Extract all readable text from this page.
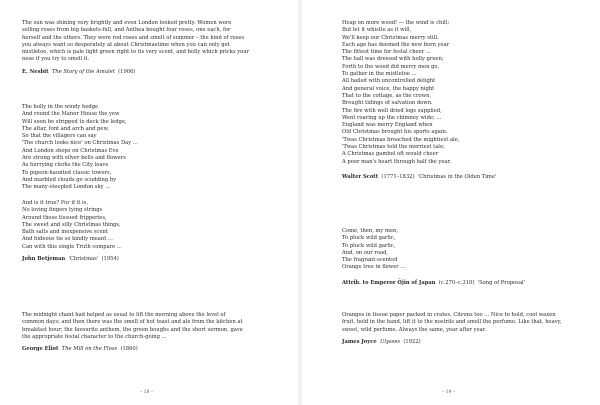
The sun was shining very brightly and even London looked pretty. Women were
selling roses from big baskets-full, and Anthea bought four roses, one each, for
herself and the others. They were red roses and smelt of summer – the kind of roses
you always want so desperately at about Christmastime when you can only get
mistletoe, which is pale light green right to its very scent, and holly which pricks your
nose if you try to smell it.
E. Nesbit The Story of the Amulet (1906)
The holly in the windy hedge
And round the Manor House the yew
Will soon be stripped to deck the ledge,
The altar, font and arch and pew,
So that the villagers can say
'The church looks nice' on Christmas Day ...
And London shops on Christmas Eve
Are strung with silver bells and flowers
As hurrying clerks the City leave
To pigeon-haunted classic towers,
And marbled clouds go scudding by
The many-steepled London sky ...
And is it true? For if it is,
No loving fingers tying strings
Around those tissued fripperies,
The sweet and silly Christmas things,
Bath salts and inexpensive scent
And hideous tie so kindly meant ...
Can with this single Truth compare ...
John Betjeman 'Christmas' (1954)
The midnight chant had helped as usual to lift the morning above the level of
common days; and then there was the smell of hot toast and ale from the kitchen at
breakfast hour; the favourite anthem, the green boughs and the short sermon, gave
the appropriate festal character to the church-going ...
George Eliot The Mill on the Floss (1860)
– 18 –
Heap on more wood! — the wind is chill;
But let it whistle as it will,
We'll keep our Christmas merry still.
Each age has deemed the new born year
The fittest time for festal cheer ...
The hall was dressed with holly green;
Forth to the wood did merry men go,
To gather in the mistletoe ...
All hailed with uncontrolled delight
And general voice, the happy night
That to the cottage, as the crown,
Brought tidings of salvation down.
The fire with well dried logs supplied,
Went roaring up the chimney wide; ...
England was merry England when
Old Christmas brought his sports again.
'Twas Christmas broached the mightiest ale,
'Twas Christmas told the merriest tale;
A Christmas gambol oft would cheer
A poor man's heart through half the year.
Walter Scott (1771–1832) 'Christmas in the Olden Time'
Come, then, my men,
To pluck wild garlic,
To pluck wild garlic,
And, on our road,
The fragrant-scented
Orange tree in flower ...
Attrib. to Emperor Ōjin of Japan (c.270–c.310) 'Song of Proposal'
Oranges in tissue paper packed in crates. Citrons too ... Nice to hold, cool waxen
fruit, hold in the hand, lift it to the nostrils and smell the perfume. Like that, heavy,
sweet, wild perfume. Always the same, year after year.
James Joyce Ulysses (1922)
– 19 –
